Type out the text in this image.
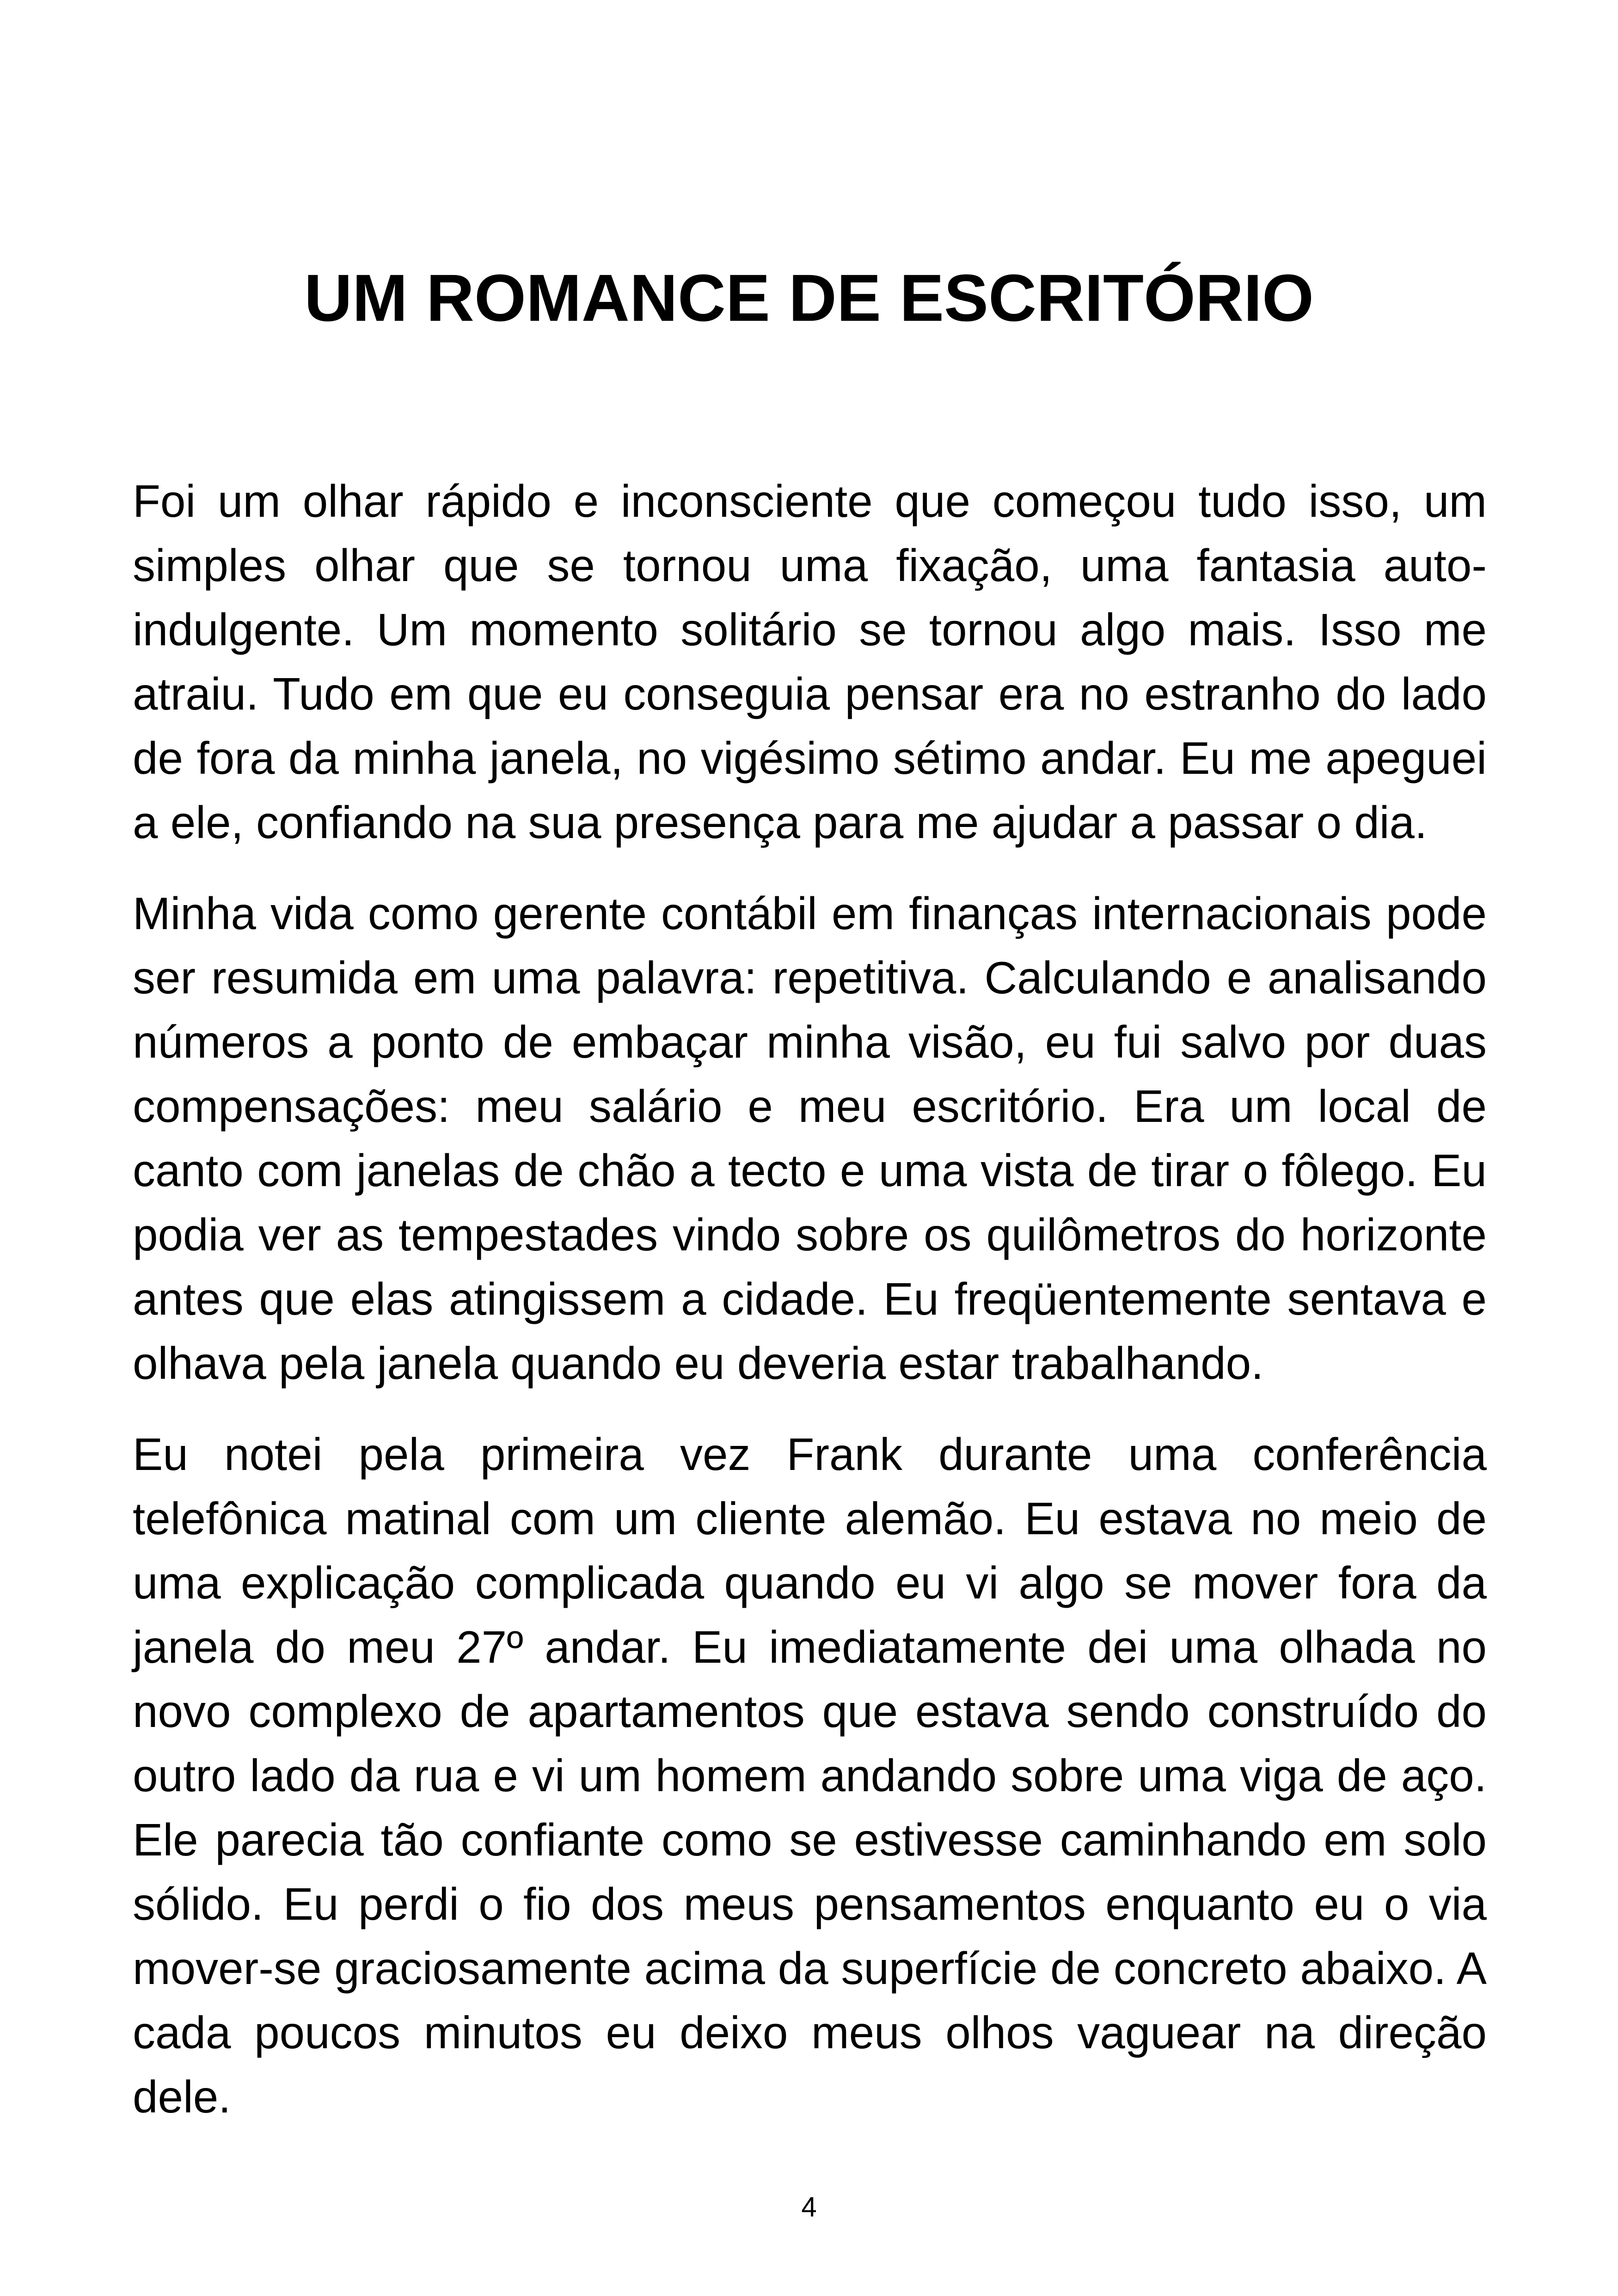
UM ROMANCE DE ESCRITÓRIO

Foi um olhar rápido e inconsciente que começou tudo isso, um simples olhar que se tornou uma fixação, uma fantasia auto-indulgente. Um momento solitário se tornou algo mais. Isso me atraiu. Tudo em que eu conseguia pensar era no estranho do lado de fora da minha janela, no vigésimo sétimo andar. Eu me apeguei a ele, confiando na sua presença para me ajudar a passar o dia.

Minha vida como gerente contábil em finanças internacionais pode ser resumida em uma palavra: repetitiva. Calculando e analisando números a ponto de embaçar minha visão, eu fui salvo por duas compensações: meu salário e meu escritório. Era um local de canto com janelas de chão a tecto e uma vista de tirar o fôlego. Eu podia ver as tempestades vindo sobre os quilômetros do horizonte antes que elas atingissem a cidade. Eu freqüentemente sentava e olhava pela janela quando eu deveria estar trabalhando.

Eu notei pela primeira vez Frank durante uma conferência telefônica matinal com um cliente alemão. Eu estava no meio de uma explicação complicada quando eu vi algo se mover fora da janela do meu 27º andar. Eu imediatamente dei uma olhada no novo complexo de apartamentos que estava sendo construído do outro lado da rua e vi um homem andando sobre uma viga de aço. Ele parecia tão confiante como se estivesse caminhando em solo sólido. Eu perdi o fio dos meus pensamentos enquanto eu o via mover-se graciosamente acima da superfície de concreto abaixo. A cada poucos minutos eu deixo meus olhos vaguear na direção dele.

4
